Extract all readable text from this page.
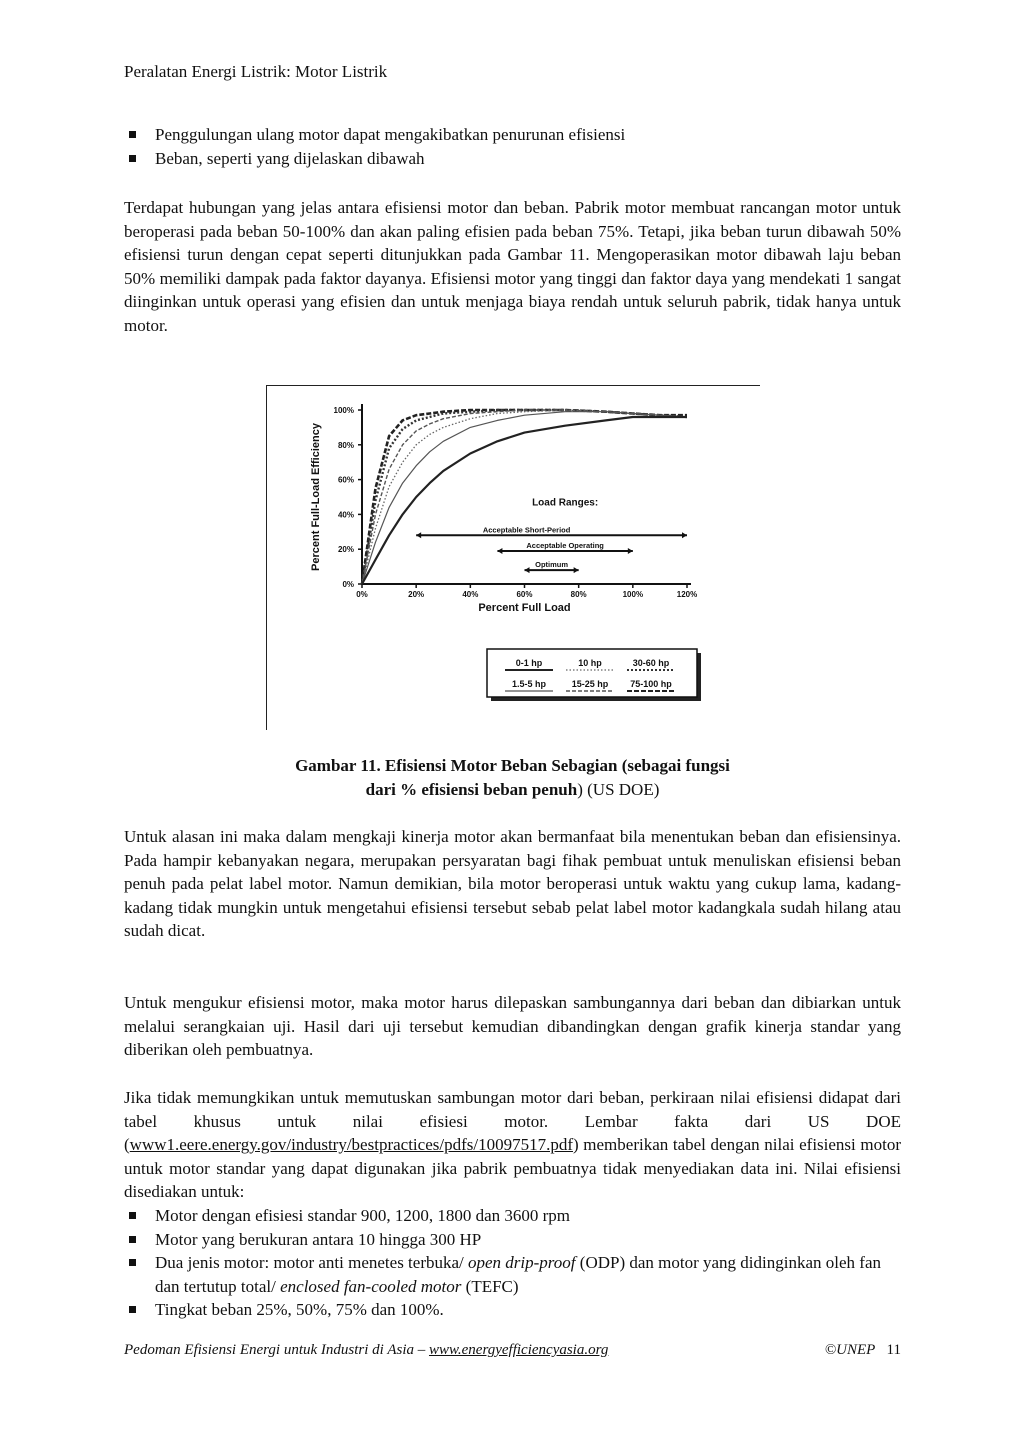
Peralatan Energi Listrik: Motor Listrik
Penggulungan ulang motor dapat mengakibatkan penurunan efisiensi
Beban, seperti yang dijelaskan dibawah
Terdapat hubungan yang jelas antara efisiensi motor dan beban. Pabrik motor membuat rancangan motor untuk beroperasi pada beban 50-100% dan akan paling efisien pada beban 75%. Tetapi, jika beban turun dibawah 50% efisiensi turun dengan cepat seperti ditunjukkan pada Gambar 11. Mengoperasikan motor dibawah laju beban 50% memiliki dampak pada faktor dayanya. Efisiensi motor yang tinggi dan faktor daya yang mendekati 1 sangat diinginkan untuk operasi yang efisien dan untuk menjaga biaya rendah untuk seluruh pabrik, tidak hanya untuk motor.
0%
20%
40%
60%
80%
100%
0%	20%	40%	60%	80%	100%	120%
Percent Full Load
Percent Full-Load Efficiency	Load Ranges:
Acceptable Short-Period
Acceptable Operating
Optimum
0-1 hp	10 hp	30-60 hp
1.5-5 hp	15-25 hp 75-100 hp
Gambar 11. Efisiensi Motor Beban Sebagian (sebagai fungsi
dari % efisiensi beban penuh) (US DOE)
Untuk alasan ini maka dalam mengkaji kinerja motor akan bermanfaat bila menentukan beban dan efisiensinya. Pada hampir kebanyakan negara, merupakan persyaratan bagi fihak pembuat untuk menuliskan efisiensi beban penuh pada pelat label motor. Namun demikian, bila motor beroperasi untuk waktu yang cukup lama, kadang-kadang tidak mungkin untuk mengetahui efisiensi tersebut sebab pelat label motor kadangkala sudah hilang atau sudah dicat.
Untuk mengukur efisiensi motor, maka motor harus dilepaskan sambungannya dari beban dan dibiarkan untuk melalui serangkaian uji. Hasil dari uji tersebut kemudian dibandingkan dengan grafik kinerja standar yang diberikan oleh pembuatnya.
Jika tidak memungkikan untuk memutuskan sambungan motor dari beban, perkiraan nilai efisiensi didapat dari tabel khusus untuk nilai efisiesi motor. Lembar fakta dari US DOE (www1.eere.energy.gov/industry/bestpractices/pdfs/10097517.pdf) memberikan tabel dengan nilai efisiensi motor untuk motor standar yang dapat digunakan jika pabrik pembuatnya tidak menyediakan data ini. Nilai efisiensi disediakan untuk:
Motor dengan efisiesi standar 900, 1200, 1800 dan 3600 rpm
Motor yang berukuran antara 10 hingga 300 HP
Dua jenis motor: motor anti menetes terbuka/ open drip-proof (ODP) dan motor yang didinginkan oleh fan dan tertutup total/ enclosed fan-cooled motor (TEFC)
Tingkat beban 25%, 50%, 75% dan 100%.
Pedoman Efisiensi Energi untuk Industri di Asia – www.energyefficiencyasia.org	©UNEP 11
